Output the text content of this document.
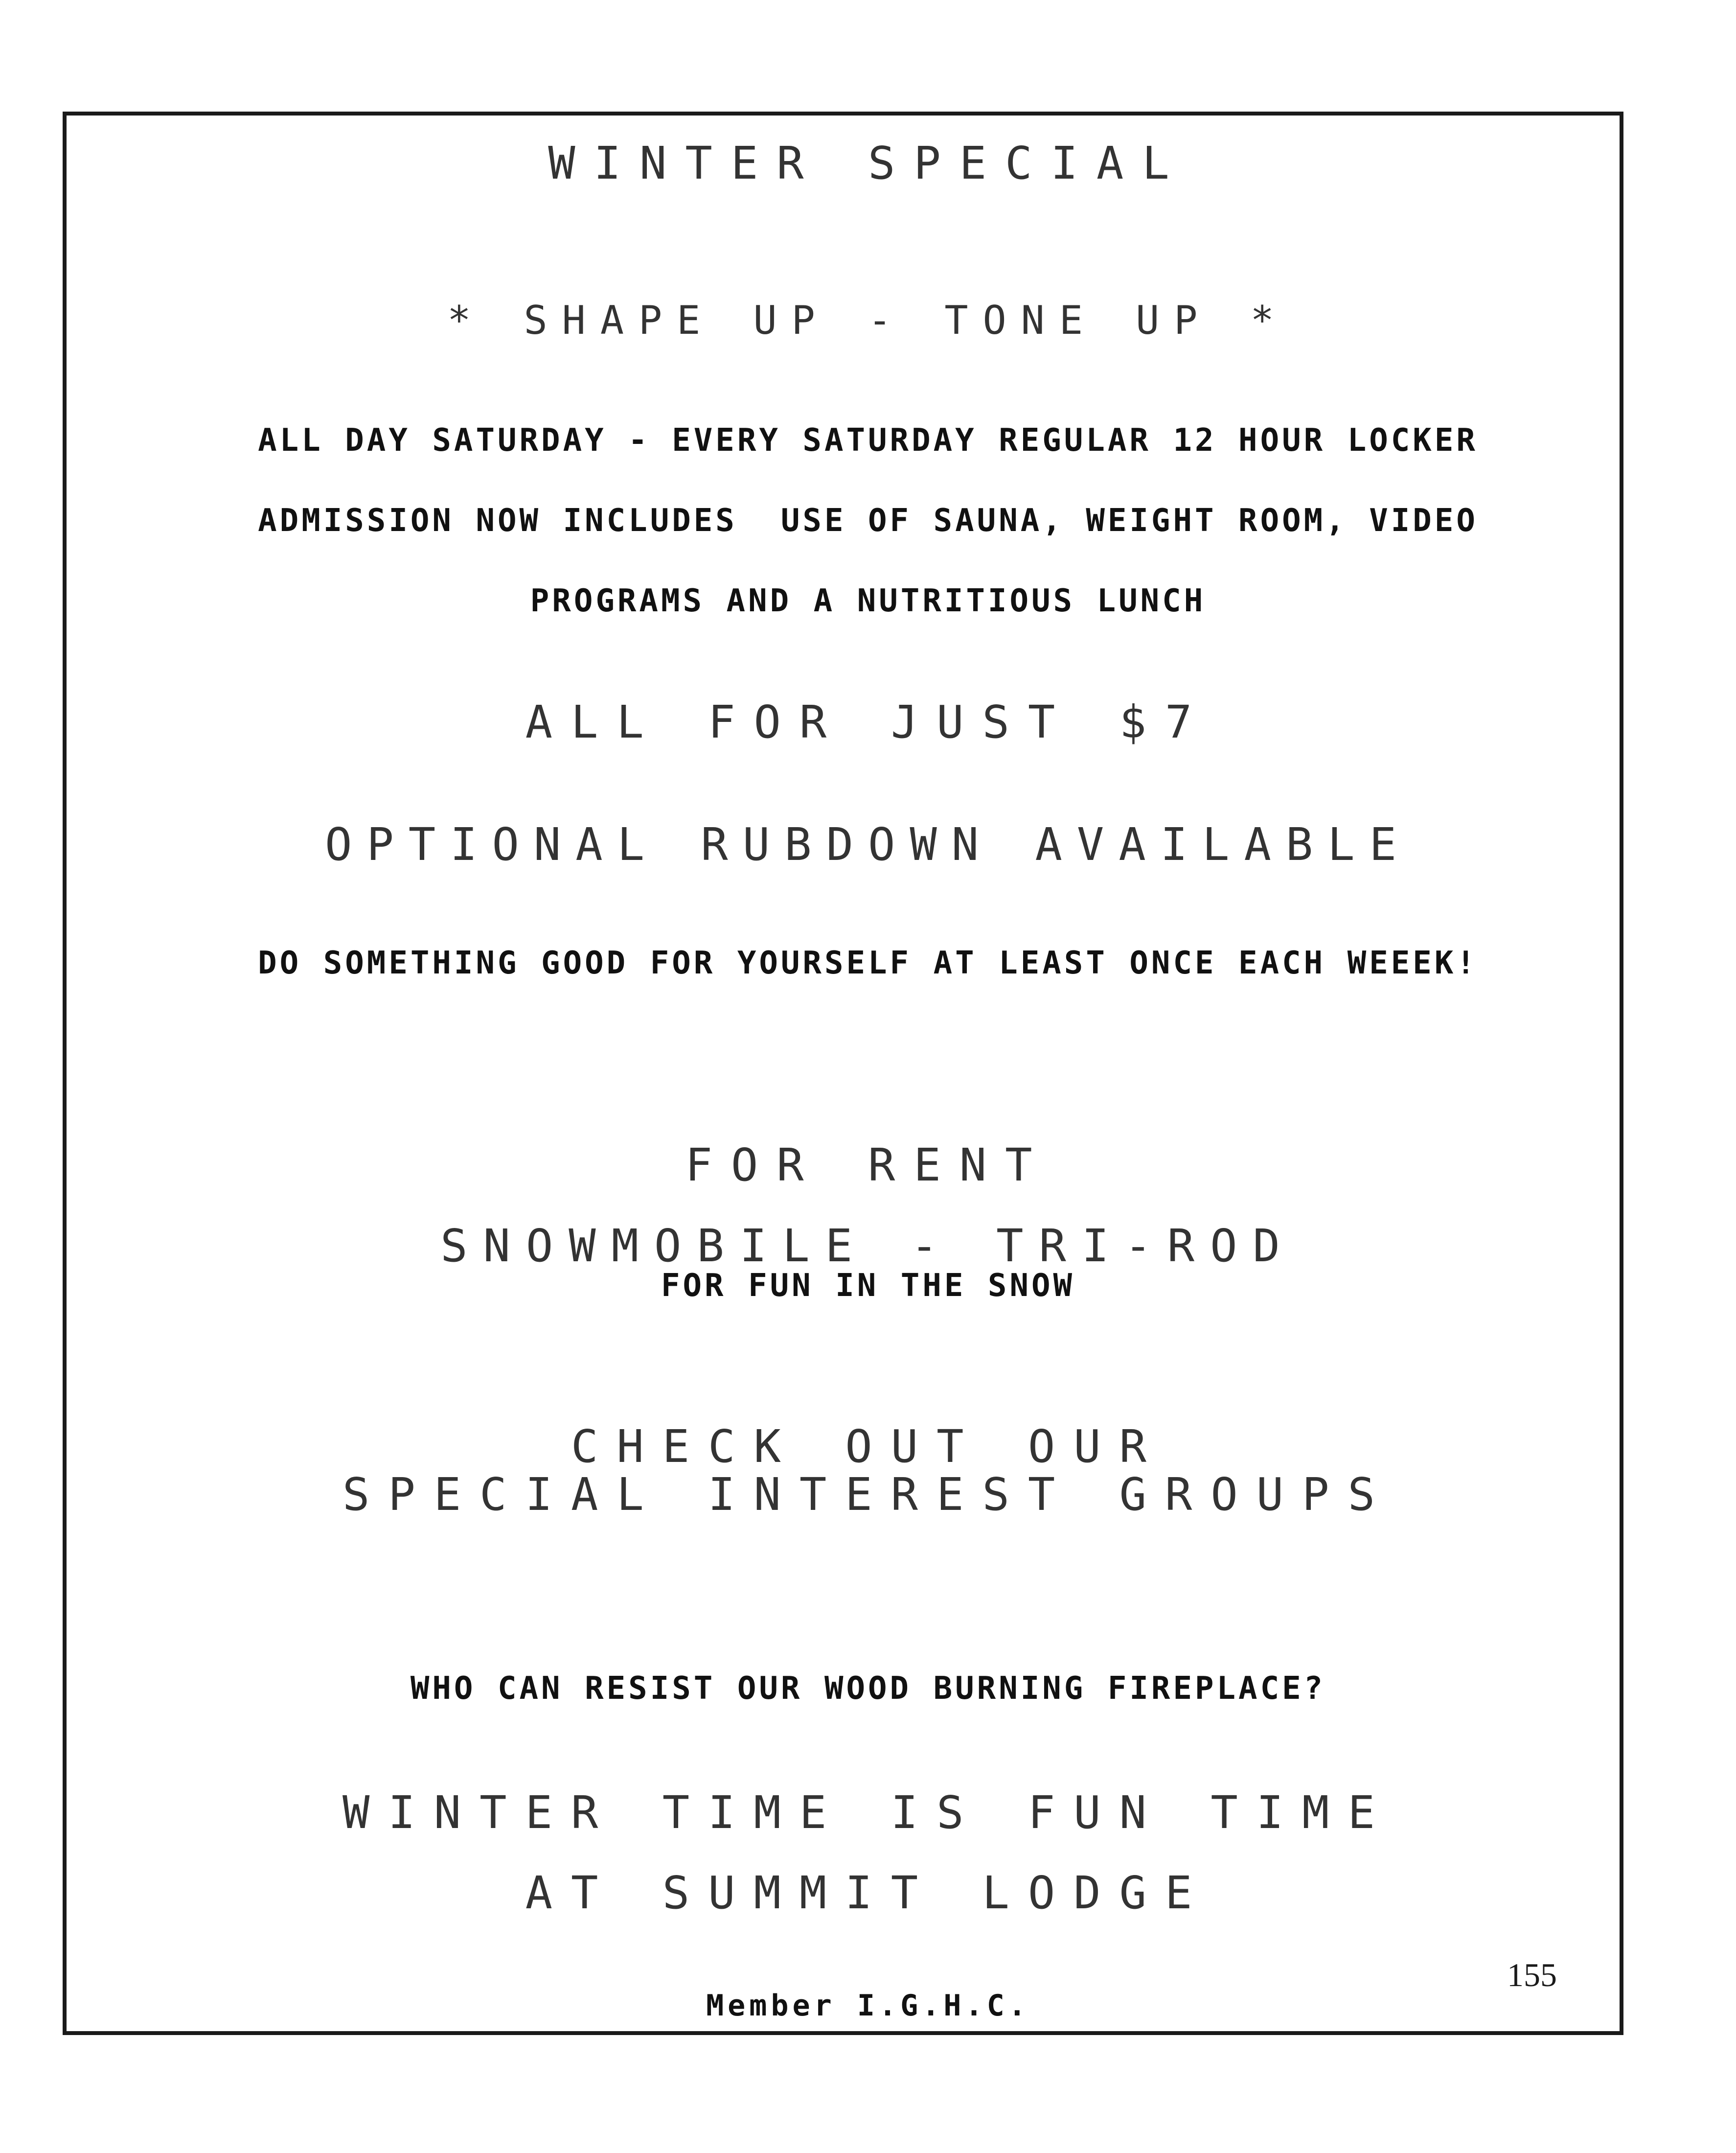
WINTER SPECIAL
* SHAPE UP - TONE UP *
ALL DAY SATURDAY - EVERY SATURDAY REGULAR 12 HOUR LOCKER
ADMISSION NOW INCLUDES  USE OF SAUNA, WEIGHT ROOM, VIDEO
PROGRAMS AND A NUTRITIOUS LUNCH
ALL FOR JUST $7
OPTIONAL RUBDOWN AVAILABLE
DO SOMETHING GOOD FOR YOURSELF AT LEAST ONCE EACH WEEEK!
FOR RENT
SNOWMOBILE - TRI-ROD
FOR FUN IN THE SNOW
CHECK OUT OUR
SPECIAL INTEREST GROUPS
WHO CAN RESIST OUR WOOD BURNING FIREPLACE?
WINTER TIME IS FUN TIME
AT SUMMIT LODGE
Member I.G.H.C.
155
